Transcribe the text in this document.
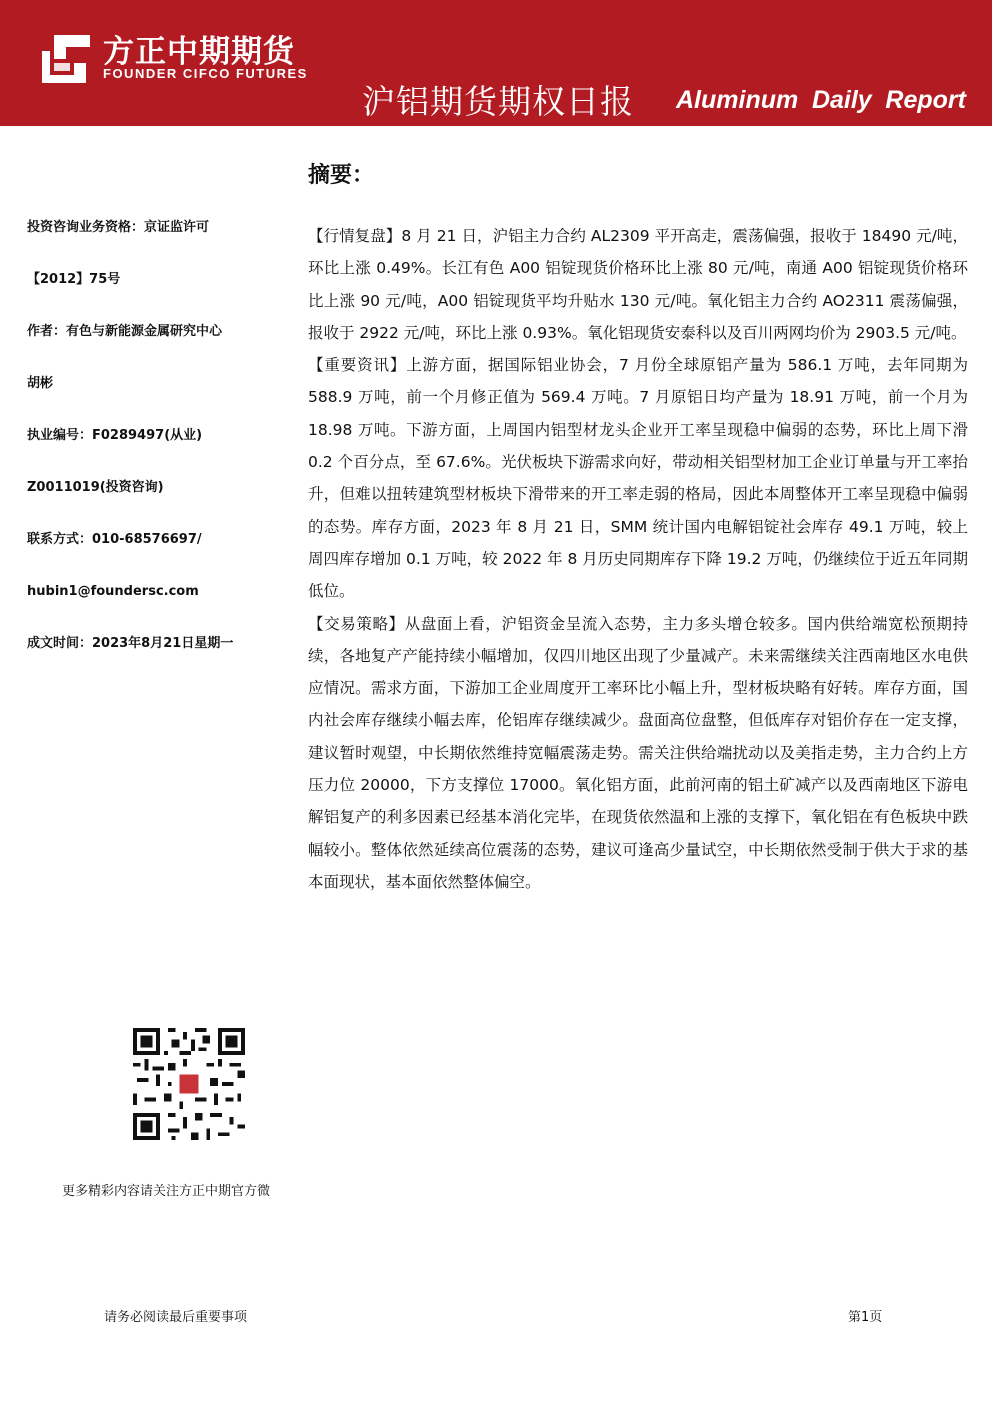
方正中期期货
FOUNDER CIFCO FUTURES
沪铝期货期权日报 Aluminum Daily Report
摘要：
投资咨询业务资格：京证监许可
【2012】75号
作者：有色与新能源金属研究中心
胡彬
执业编号：F0289497(从业)
Z0011019(投资咨询)
联系方式：010-68576697/
hubin1@foundersc.com
成文时间：2023年8月21日星期一

【行情复盘】8 月 21 日，沪铝主力合约 AL2309 平开高走，震荡偏强，报收于 18490 元/吨，环比上涨 0.49%。长江有色 A00 铝锭现货价格环比上涨 80 元/吨，南通 A00 铝锭现货价格环比上涨 90 元/吨，A00 铝锭现货平均升贴水 130 元/吨。氧化铝主力合约 AO2311 震荡偏强，报收于 2922 元/吨，环比上涨 0.93%。氧化铝现货安泰科以及百川两网均价为 2903.5 元/吨。

【重要资讯】上游方面，据国际铝业协会，7 月份全球原铝产量为 586.1 万吨，去年同期为 588.9 万吨，前一个月修正值为 569.4 万吨。7 月原铝日均产量为 18.91 万吨，前一个月为 18.98 万吨。下游方面，上周国内铝型材龙头企业开工率呈现稳中偏弱的态势，环比上周下滑 0.2 个百分点，至 67.6%。光伏板块下游需求向好，带动相关铝型材加工企业订单量与开工率抬升，但难以扭转建筑型材板块下滑带来的开工率走弱的格局，因此本周整体开工率呈现稳中偏弱的态势。库存方面，2023 年 8 月 21 日，SMM 统计国内电解铝锭社会库存 49.1 万吨，较上周四库存增加 0.1 万吨，较 2022 年 8 月历史同期库存下降 19.2 万吨，仍继续位于近五年同期低位。

【交易策略】从盘面上看，沪铝资金呈流入态势，主力多头增仓较多。国内供给端宽松预期持续，各地复产产能持续小幅增加，仅四川地区出现了少量减产。未来需继续关注西南地区水电供应情况。需求方面，下游加工企业周度开工率环比小幅上升，型材板块略有好转。库存方面，国内社会库存继续小幅去库，伦铝库存继续减少。盘面高位盘整，但低库存对铝价存在一定支撑，建议暂时观望，中长期依然维持宽幅震荡走势。需关注供给端扰动以及美指走势，主力合约上方压力位 20000，下方支撑位 17000。氧化铝方面，此前河南的铝土矿减产以及西南地区下游电解铝复产的利多因素已经基本消化完毕，在现货依然温和上涨的支撑下，氧化铝在有色板块中跌幅较小。整体依然延续高位震荡的态势，建议可逢高少量试空，中长期依然受制于供大于求的基本面现状，基本面依然整体偏空。

更多精彩内容请关注方正中期官方微
请务必阅读最后重要事项	第1页
